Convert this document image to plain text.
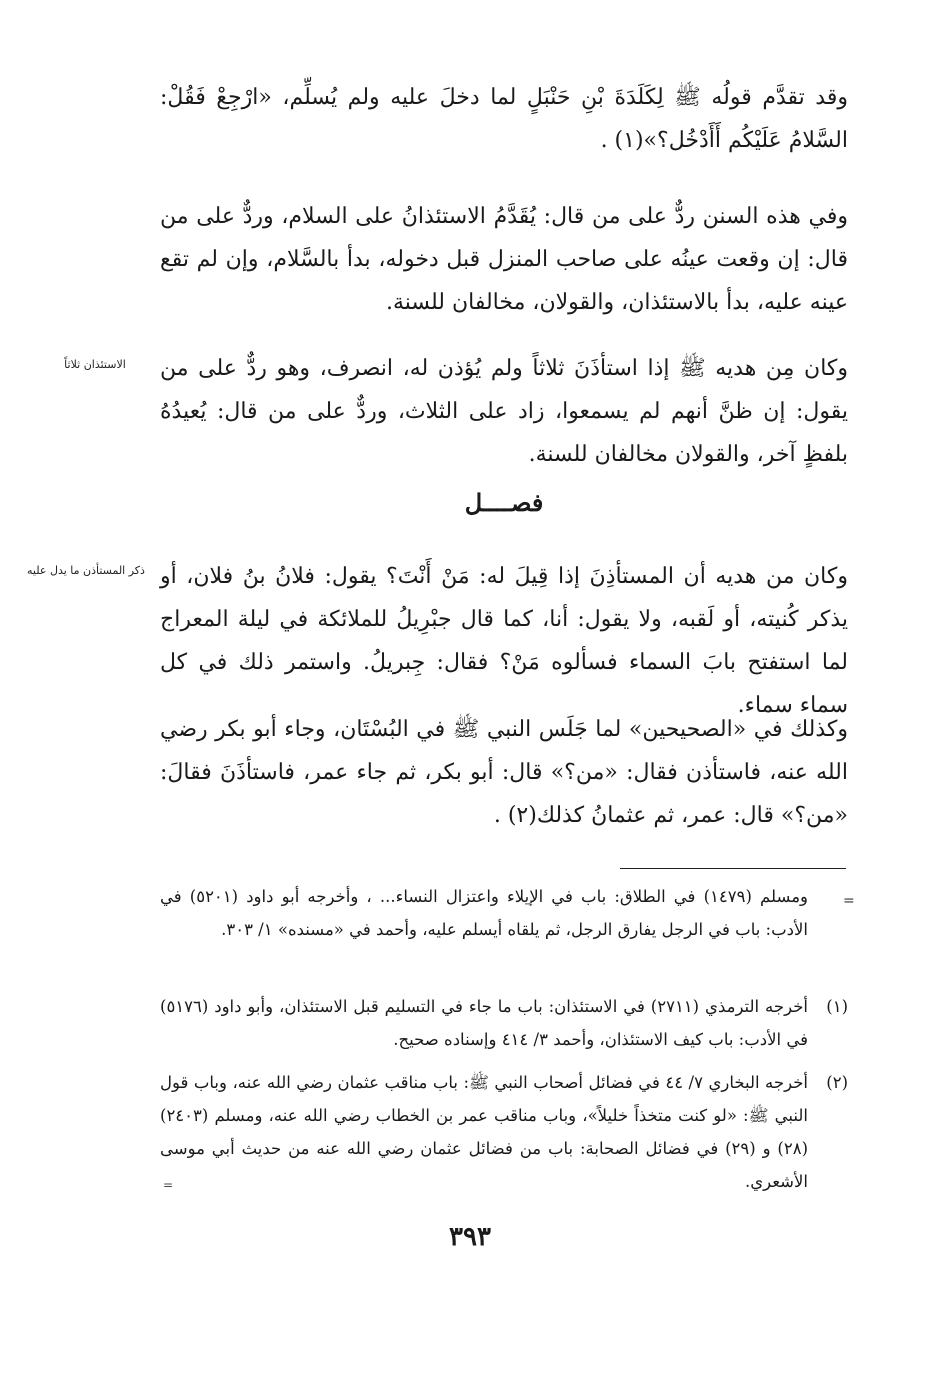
وقد تقدَّم قولُه ﷺ لِكَلَدَةَ بْنِ حَنْبَلٍ لما دخلَ عليه ولم يُسلِّم، «ارْجِعْ فَقُلْ: السَّلامُ عَلَيْكُم أَأَدْخُل؟»(١) .

وفي هذه السنن ردٌّ على من قال: يُقَدَّمُ الاستئذانُ على السلام، وردٌّ على من قال: إن وقعت عينُه على صاحب المنزل قبل دخوله، بدأ بالسَّلام، وإن لم تقع عينه عليه، بدأ بالاستئذان، والقولان، مخالفان للسنة.

الاستئذان ثلاثاً	وكان مِن هديه ﷺ إذا استأذَنَ ثلاثاً ولم يُؤذن له، انصرف، وهو ردٌّ على من يقول: إن ظنَّ أنهم لم يسمعوا، زاد على الثلاث، وردٌّ على من قال: يُعيدُهُ بلفظٍ آخر، والقولان مخالفان للسنة.

فصــــل
ذكر المستأذن ما يدل عليه وكان من هديه أن المستأذِنَ إذا قِيلَ له: مَنْ أَنْتَ؟ يقول: فلانُ بنُ فلان، أو يذكر كُنيته، أو لَقبه، ولا يقول: أنا، كما قال جبْرِيلُ للملائكة في ليلة المعراج لما استفتح بابَ السماء فسألوه مَنْ؟ فقال: جِبريلُ. واستمر ذلك في كل سماء سماء.

وكذلك في «الصحيحين» لما جَلَس النبي ﷺ في البُسْتَان، وجاء أبو بكر رضي الله عنه، فاستأذن فقال: «من؟» قال: أبو بكر، ثم جاء عمر، فاستأذَنَ فقالَ: «من؟» قال: عمر، ثم عثمانُ كذلك(٢) .

=
ومسلم (١٤٧٩) في الطلاق: باب في الإيلاء واعتزال النساء... ، وأخرجه أبو داود (٥٢٠١) في الأدب: باب في الرجل يفارق الرجل، ثم يلقاه أيسلم عليه، وأحمد في «مسنده» ١/ ٣٠٣.
(١)
أخرجه الترمذي (٢٧١١) في الاستئذان: باب ما جاء في التسليم قبل الاستئذان، وأبو داود (٥١٧٦) في الأدب: باب كيف الاستئذان، وأحمد ٣/ ٤١٤ وإسناده صحيح.
(٢)
أخرجه البخاري ٧/ ٤٤ في فضائل أصحاب النبي ﷺ: باب مناقب عثمان رضي الله عنه، وباب قول النبي ﷺ: «لو كنت متخذاً خليلاً»، وباب مناقب عمر بن الخطاب رضي الله عنه، ومسلم (٢٤٠٣) (٢٨) و (٢٩) في فضائل الصحابة: باب من فضائل عثمان رضي الله عنه من حديث أبي موسى الأشعري.
=
٣٩٣
